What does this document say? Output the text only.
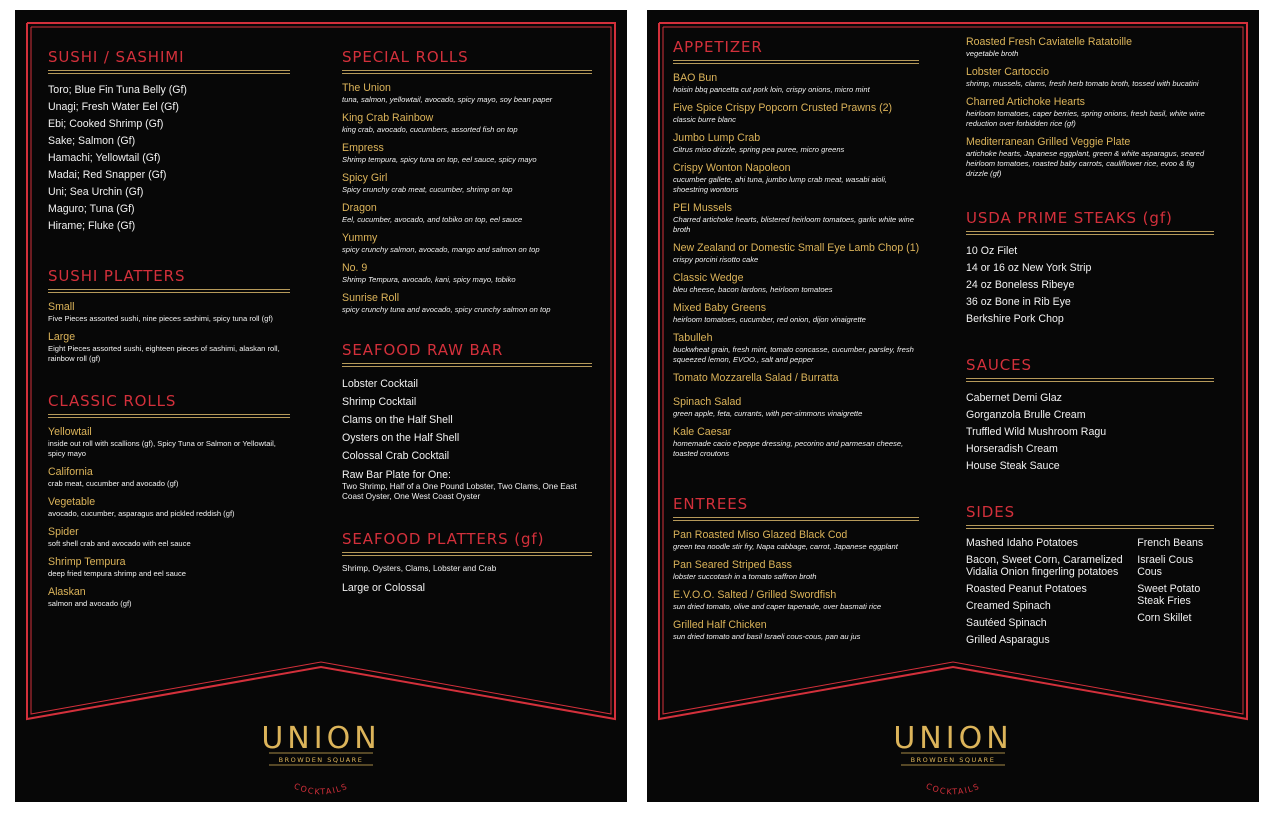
SUSHI / SASHIMI
Toro; Blue Fin Tuna Belly (Gf)
Unagi; Fresh Water Eel (Gf)
Ebi; Cooked Shrimp (Gf)
Sake; Salmon (Gf)
Hamachi; Yellowtail (Gf)
Madai; Red Snapper (Gf)
Uni; Sea Urchin (Gf)
Maguro; Tuna (Gf)
Hirame; Fluke (Gf)
SUSHI PLATTERS
Small
Five Pieces assorted sushi, nine pieces sashimi, spicy tuna roll (gf)
Large
Eight Pieces assorted sushi, eighteen pieces of sashimi, alaskan roll, rainbow roll (gf)
CLASSIC ROLLS
Yellowtail
inside out roll with scallions (gf), Spicy Tuna or Salmon or Yellowtail, spicy mayo
California
crab meat, cucumber and avocado (gf)
Vegetable
avocado, cucumber, asparagus and pickled reddish (gf)
Spider
soft shell crab and avocado with eel sauce
Shrimp Tempura
deep fried tempura shrimp and eel sauce
Alaskan
salmon and avocado (gf)
SPECIAL ROLLS
The Union
tuna, salmon, yellowtail, avocado, spicy mayo, soy bean paper
King Crab Rainbow
king crab, avocado, cucumbers, assorted fish on top
Empress
Shrimp tempura, spicy tuna on top, eel sauce, spicy mayo
Spicy Girl
Spicy crunchy crab meat, cucumber, shrimp on top
Dragon
Eel, cucumber, avocado, and tobiko on top, eel sauce
Yummy
spicy crunchy salmon, avocado, mango and salmon on top
No. 9
Shrimp Tempura, avocado, kani, spicy mayo, tobiko
Sunrise Roll
spicy crunchy tuna and avocado, spicy crunchy salmon on top
SEAFOOD RAW BAR
Lobster Cocktail
Shrimp Cocktail
Clams on the Half Shell
Oysters on the Half Shell
Colossal Crab Cocktail
Raw Bar Plate for One:
Two Shrimp, Half of a One Pound Lobster, Two Clams, One East Coast Oyster, One West Coast Oyster
SEAFOOD PLATTERS (gf)
Shrimp, Oysters, Clams, Lobster and Crab
Large or Colossal
UNION
BROWDEN SQUARE
COCKTAILS
APPETIZER
BAO Bun
hoisin bbq pancetta cut pork loin, crispy onions, micro mint
Five Spice Crispy Popcorn Crusted Prawns (2)
classic burre blanc
Jumbo Lump Crab
Citrus miso drizzle, spring pea puree, micro greens
Crispy Wonton Napoleon
cucumber gallete, ahi tuna, jumbo lump crab meat, wasabi aioli, shoestring wontons
PEI Mussels
Charred artichoke hearts, blistered heirloom tomatoes, garlic white wine broth
New Zealand or Domestic Small Eye Lamb Chop (1)
crispy porcini risotto cake
Classic Wedge
bleu cheese, bacon lardons, heirloom tomatoes
Mixed Baby Greens
heirloom tomatoes, cucumber, red onion, dijon vinaigrette
Tabulleh
buckwheat grain, fresh mint, tomato concasse, cucumber, parsley, fresh squeezed lemon, EVOO., salt and pepper
Tomato Mozzarella Salad / Burratta
Spinach Salad
green apple, feta, currants, with per-simmons vinaigrette
Kale Caesar
homemade cacio e'peppe dressing, pecorino and parmesan cheese, toasted croutons
ENTREES
Pan Roasted Miso Glazed Black Cod
green tea noodle stir fry, Napa cabbage, carrot, Japanese eggplant
Pan Seared Striped Bass
lobster succotash in a tomato saffron broth
E.V.O.O. Salted / Grilled Swordfish
sun dried tomato, olive and caper tapenade, over basmati rice
Grilled Half Chicken
sun dried tomato and basil Israeli cous-cous, pan au jus
Roasted Fresh Caviatelle Ratatoille
vegetable broth
Lobster Cartoccio
shrimp, mussels, clams, fresh herb tomato broth, tossed with bucatini
Charred Artichoke Hearts
heirloom tomatoes, caper berries, spring onions, fresh basil, white wine reduction over forbidden rice (gf)
Mediterranean Grilled Veggie Plate
artichoke hearts, Japanese eggplant, green & white asparagus, seared heirloom tomatoes, roasted baby carrots, cauliflower rice, evoo & fig drizzle (gf)
USDA PRIME STEAKS (gf)
10 Oz Filet
14 or 16 oz New York Strip
24 oz Boneless Ribeye
36 oz Bone in Rib Eye
Berkshire Pork Chop
SAUCES
Cabernet Demi Glaz
Gorganzola Brulle Cream
Truffled Wild Mushroom Ragu
Horseradish Cream
House Steak Sauce
SIDES
Mashed Idaho Potatoes
Bacon, Sweet Corn, Caramelized Vidalia Onion fingerling potatoes
Roasted Peanut Potatoes
Creamed Spinach
Sautéed Spinach
Grilled Asparagus
French Beans
Israeli Cous Cous
Sweet Potato Steak Fries
Corn Skillet
UNION
BROWDEN SQUARE
COCKTAILS
